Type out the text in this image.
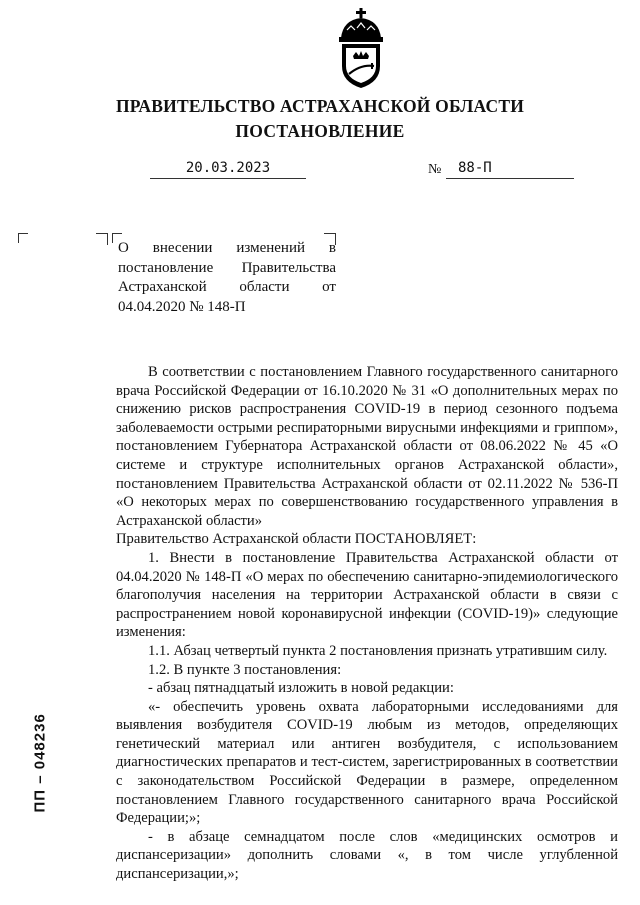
ПРАВИТЕЛЬСТВО АСТРАХАНСКОЙ ОБЛАСТИ
ПОСТАНОВЛЕНИЕ
20.03.2023	№	88-П
О внесении изменений в постановление Правительства Астраханской области от 04.04.2020 № 148-П

В соответствии с постановлением Главного государственного санитарного врача Российской Федерации от 16.10.2020 № 31 «О дополнительных мерах по снижению рисков распространения COVID-19 в период сезонного подъема заболеваемости острыми респираторными вирусными инфекциями и гриппом», постановлением Губернатора Астраханской области от 08.06.2022 № 45 «О системе и структуре исполнительных органов Астраханской области», постановлением Правительства Астраханской области от 02.11.2022 № 536-П «О некоторых мерах по совершенствованию государственного управления в Астраханской области»

Правительство Астраханской области ПОСТАНОВЛЯЕТ:

1. Внести в постановление Правительства Астраханской области от 04.04.2020 № 148-П «О мерах по обеспечению санитарно-эпидемиологического благополучия населения на территории Астраханской области в связи с распространением новой коронавирусной инфекции (COVID-19)» следующие изменения:

1.1. Абзац четвертый пункта 2 постановления признать утратившим силу.

1.2. В пункте 3 постановления:

- абзац пятнадцатый изложить в новой редакции:

«- обеспечить уровень охвата лабораторными исследованиями для выявления возбудителя COVID-19 любым из методов, определяющих генетический материал или антиген возбудителя, с использованием диагностических препаратов и тест-систем, зарегистрированных в соответствии с законодательством Российской Федерации в размере, определенном постановлением Главного государственного санитарного врача Российской Федерации;»;

- в абзаце семнадцатом после слов «медицинских осмотров и диспансеризации» дополнить словами «, в том числе углубленной диспансеризации,»;

ПП – 048236
